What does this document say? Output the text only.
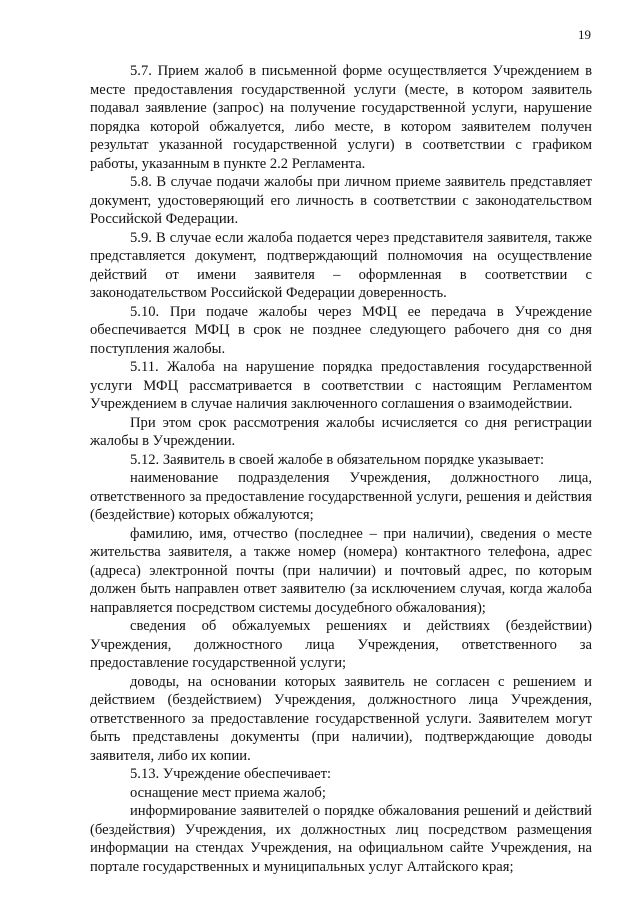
19

5.7. Прием жалоб в письменной форме осуществляется Учреждением в месте предоставления государственной услуги (месте, в котором заявитель подавал заявление (запрос) на получение государственной услуги, нарушение порядка которой обжалуется, либо месте, в котором заявителем получен результат указанной государственной услуги) в соответствии с графиком работы, указанным в пункте 2.2 Регламента.

5.8. В случае подачи жалобы при личном приеме заявитель представляет документ, удостоверяющий его личность в соответствии с законодательством Российской Федерации.

5.9. В случае если жалоба подается через представителя заявителя, также представляется документ, подтверждающий полномочия на осуществление действий от имени заявителя – оформленная в соответствии с законодательством Российской Федерации доверенность.

5.10. При подаче жалобы через МФЦ ее передача в Учреждение обеспечивается МФЦ в срок не позднее следующего рабочего дня со дня поступления жалобы.

5.11. Жалоба на нарушение порядка предоставления государственной услуги МФЦ рассматривается в соответствии с настоящим Регламентом Учреждением в случае наличия заключенного соглашения о взаимодействии.

При этом срок рассмотрения жалобы исчисляется со дня регистрации жалобы в Учреждении.

5.12. Заявитель в своей жалобе в обязательном порядке указывает:

наименование подразделения Учреждения, должностного лица, ответственного за предоставление государственной услуги, решения и действия (бездействие) которых обжалуются;

фамилию, имя, отчество (последнее – при наличии), сведения о месте жительства заявителя, а также номер (номера) контактного телефона, адрес (адреса) электронной почты (при наличии) и почтовый адрес, по которым должен быть направлен ответ заявителю (за исключением случая, когда жалоба направляется посредством системы досудебного обжалования);

сведения об обжалуемых решениях и действиях (бездействии) Учреждения, должностного лица Учреждения, ответственного за предоставление государственной услуги;

доводы, на основании которых заявитель не согласен с решением и действием (бездействием) Учреждения, должностного лица Учреждения, ответственного за предоставление государственной услуги. Заявителем могут быть представлены документы (при наличии), подтверждающие доводы заявителя, либо их копии.

5.13. Учреждение обеспечивает:

оснащение мест приема жалоб;

информирование заявителей о порядке обжалования решений и действий (бездействия) Учреждения, их должностных лиц посредством размещения информации на стендах Учреждения, на официальном сайте Учреждения, на портале государственных и муниципальных услуг Алтайского края;
